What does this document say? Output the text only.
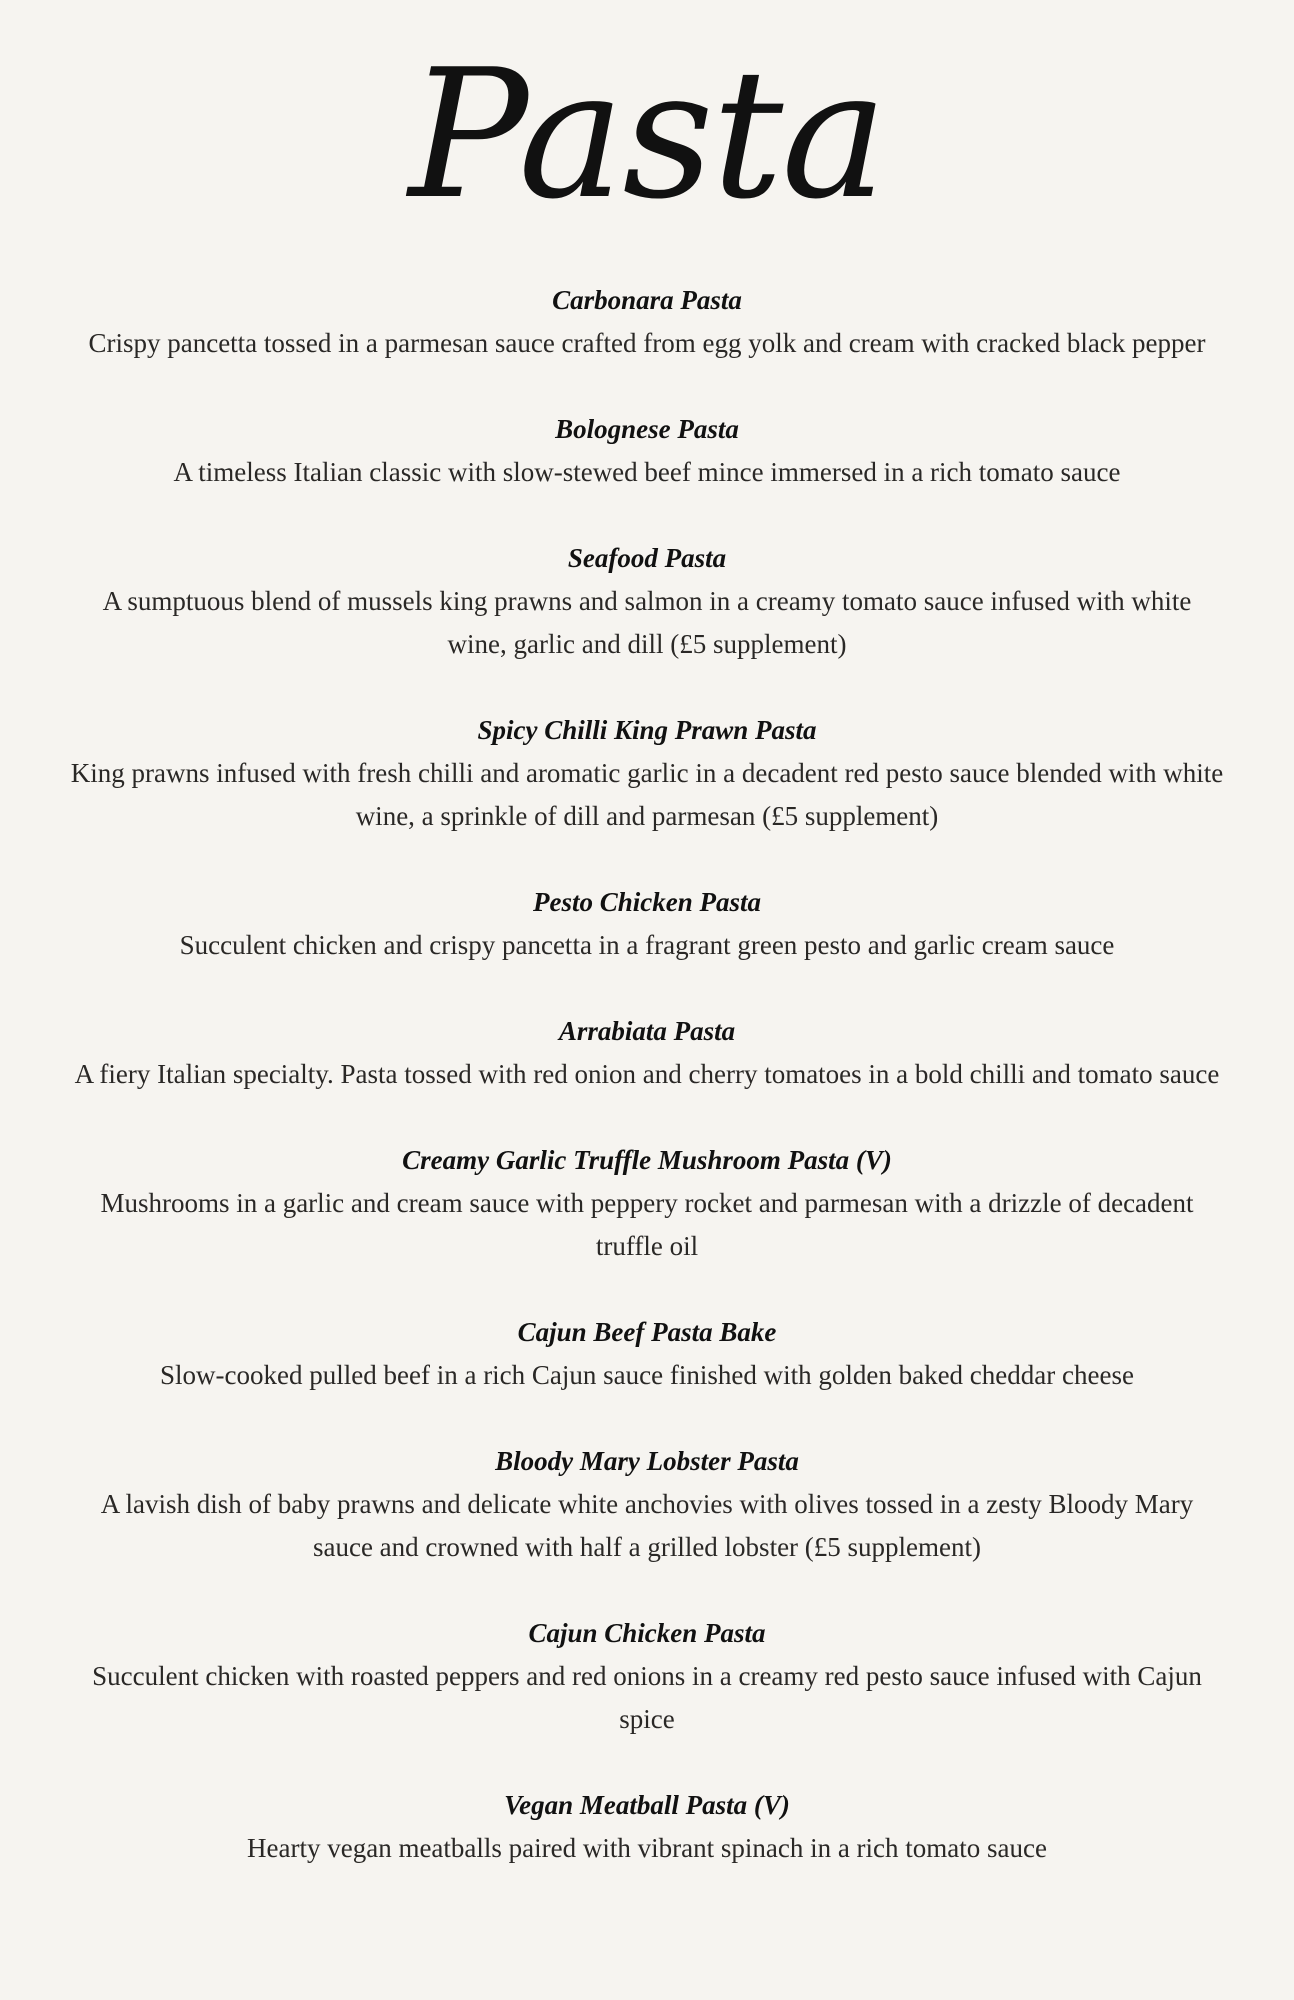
Pasta
Carbonara Pasta
Crispy pancetta tossed in a parmesan sauce crafted from egg yolk and cream with cracked black pepper
Bolognese Pasta
A timeless Italian classic with slow-stewed beef mince immersed in a rich tomato sauce
Seafood Pasta
A sumptuous blend of mussels king prawns and salmon in a creamy tomato sauce infused with white wine, garlic and dill (£5 supplement)
Spicy Chilli King Prawn Pasta
King prawns infused with fresh chilli and aromatic garlic in a decadent red pesto sauce blended with white wine, a sprinkle of dill and parmesan (£5 supplement)
Pesto Chicken Pasta
Succulent chicken and crispy pancetta in a fragrant green pesto and garlic cream sauce
Arrabiata Pasta
A fiery Italian specialty. Pasta tossed with red onion and cherry tomatoes in a bold chilli and tomato sauce
Creamy Garlic Truffle Mushroom Pasta (V)
Mushrooms in a garlic and cream sauce with peppery rocket and parmesan with a drizzle of decadent truffle oil
Cajun Beef Pasta Bake
Slow-cooked pulled beef in a rich Cajun sauce finished with golden baked cheddar cheese
Bloody Mary Lobster Pasta
A lavish dish of baby prawns and delicate white anchovies with olives tossed in a zesty Bloody Mary sauce and crowned with half a grilled lobster (£5 supplement)
Cajun Chicken Pasta
Succulent chicken with roasted peppers and red onions in a creamy red pesto sauce infused with Cajun spice
Vegan Meatball Pasta (V)
Hearty vegan meatballs paired with vibrant spinach in a rich tomato sauce
